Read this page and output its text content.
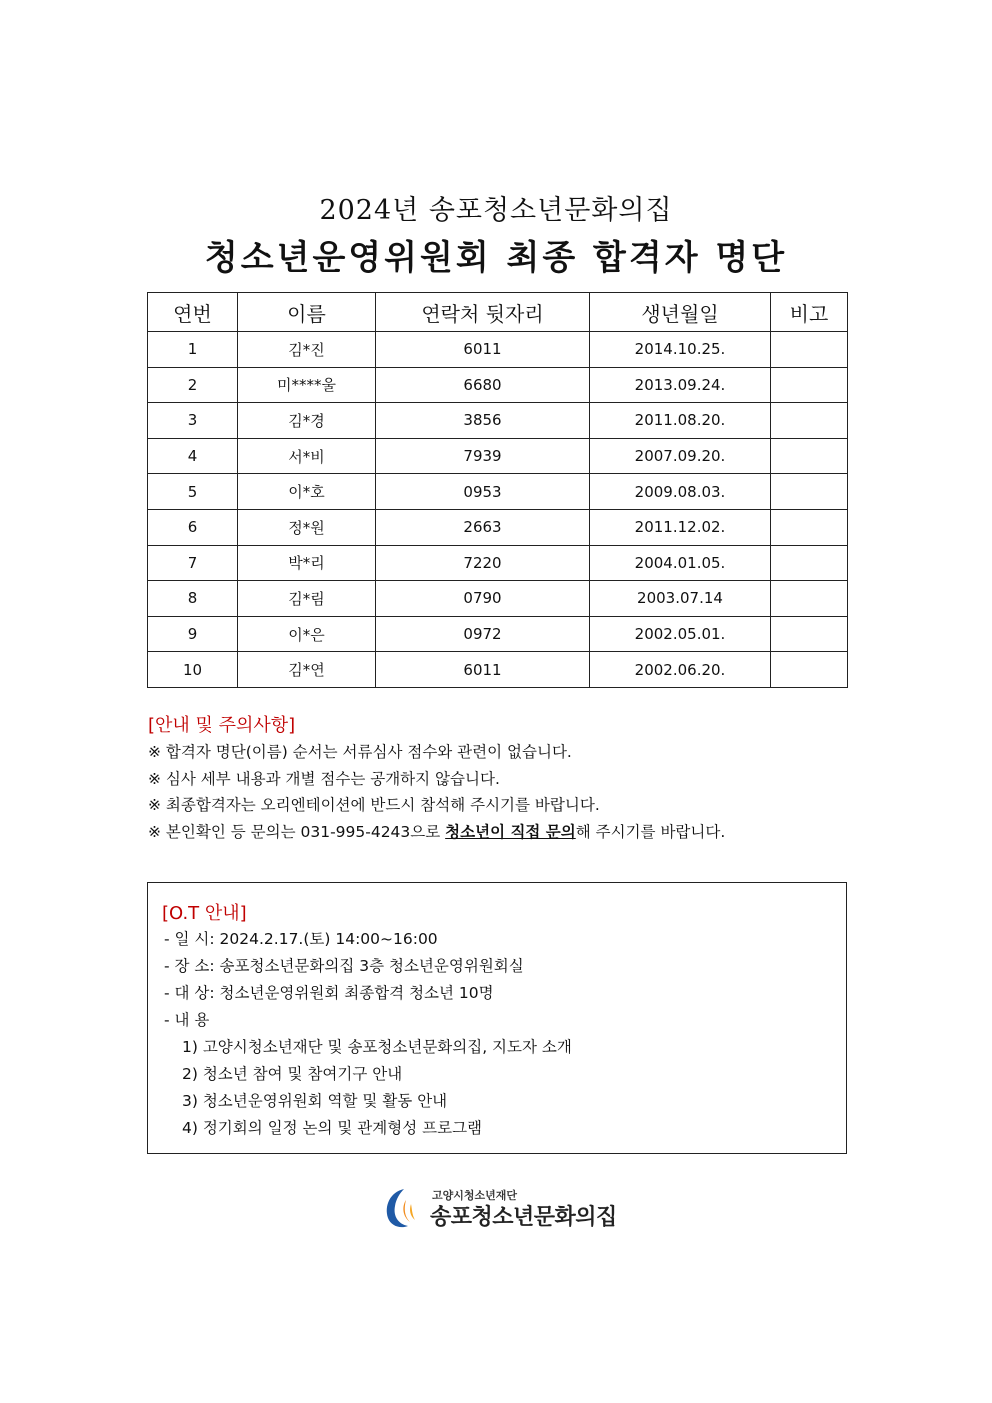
2024년 송포청소년문화의집
청소년운영위원회 최종 합격자 명단
연번	이름	연락처 뒷자리	생년월일	비고
1	김*진	6011	2014.10.25.	
2	미****울	6680	2013.09.24.	
3	김*경	3856	2011.08.20.	
4	서*비	7939	2007.09.20.	
5	이*호	0953	2009.08.03.	
6	정*원	2663	2011.12.02.	
7	박*리	7220	2004.01.05.	
8	김*림	0790	2003.07.14	
9	이*은	0972	2002.05.01.	
10	김*연	6011	2002.06.20.	
[안내 및 주의사항]
※ 합격자 명단(이름) 순서는 서류심사 점수와 관련이 없습니다.
※ 심사 세부 내용과 개별 점수는 공개하지 않습니다.
※ 최종합격자는 오리엔테이션에 반드시 참석해 주시기를 바랍니다.
※ 본인확인 등 문의는 031-995-4243으로 청소년이 직접 문의해 주시기를 바랍니다.
[O.T 안내]
- 일 시: 2024.2.17.(토) 14:00~16:00
- 장 소: 송포청소년문화의집 3층 청소년운영위원회실
- 대 상: 청소년운영위원회 최종합격 청소년 10명
- 내 용
1) 고양시청소년재단 및 송포청소년문화의집, 지도자 소개
2) 청소년 참여 및 참여기구 안내
3) 청소년운영위원회 역할 및 활동 안내
4) 정기회의 일정 논의 및 관계형성 프로그램
고양시청소년재단
송포청소년문화의집
